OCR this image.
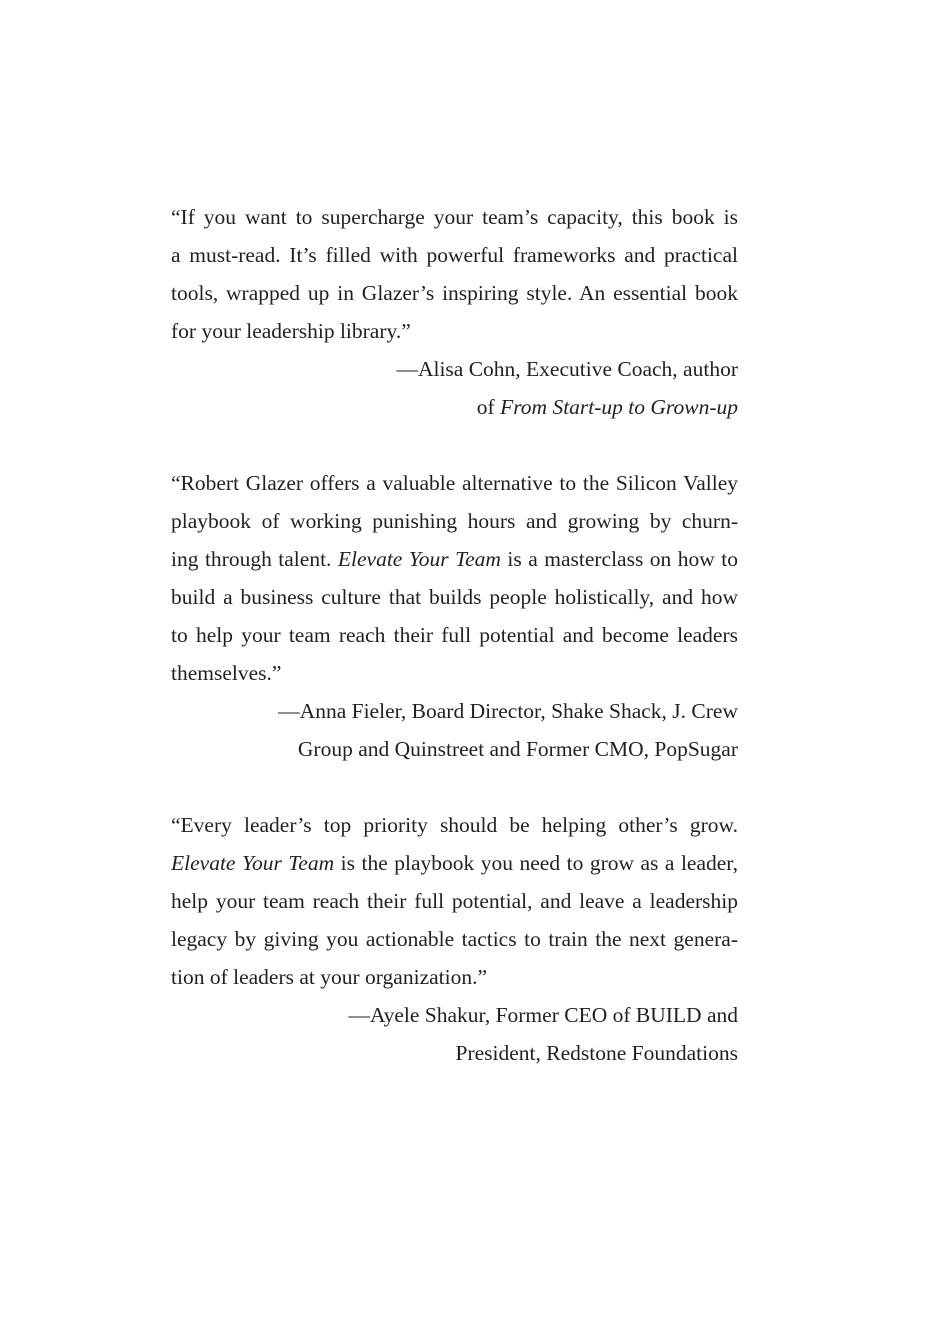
“If you want to supercharge your team’s capacity, this book is
a must-read. It’s filled with powerful frameworks and practical
tools, wrapped up in Glazer’s inspiring style. An essential book
for your leadership library.”
—Alisa Cohn, Executive Coach, author
of From Start-up to Grown-up
“Robert Glazer offers a valuable alternative to the Silicon Valley
playbook of working punishing hours and growing by churn-
ing through talent. Elevate Your Team is a masterclass on how to
build a business culture that builds people holistically, and how
to help your team reach their full potential and become leaders
themselves.”
—Anna Fieler, Board Director, Shake Shack, J. Crew
Group and Quinstreet and Former CMO, PopSugar
“Every leader’s top priority should be helping other’s grow.
Elevate Your Team is the playbook you need to grow as a leader,
help your team reach their full potential, and leave a leadership
legacy by giving you actionable tactics to train the next genera-
tion of leaders at your organization.”
—Ayele Shakur, Former CEO of BUILD and
President, Redstone Foundations
